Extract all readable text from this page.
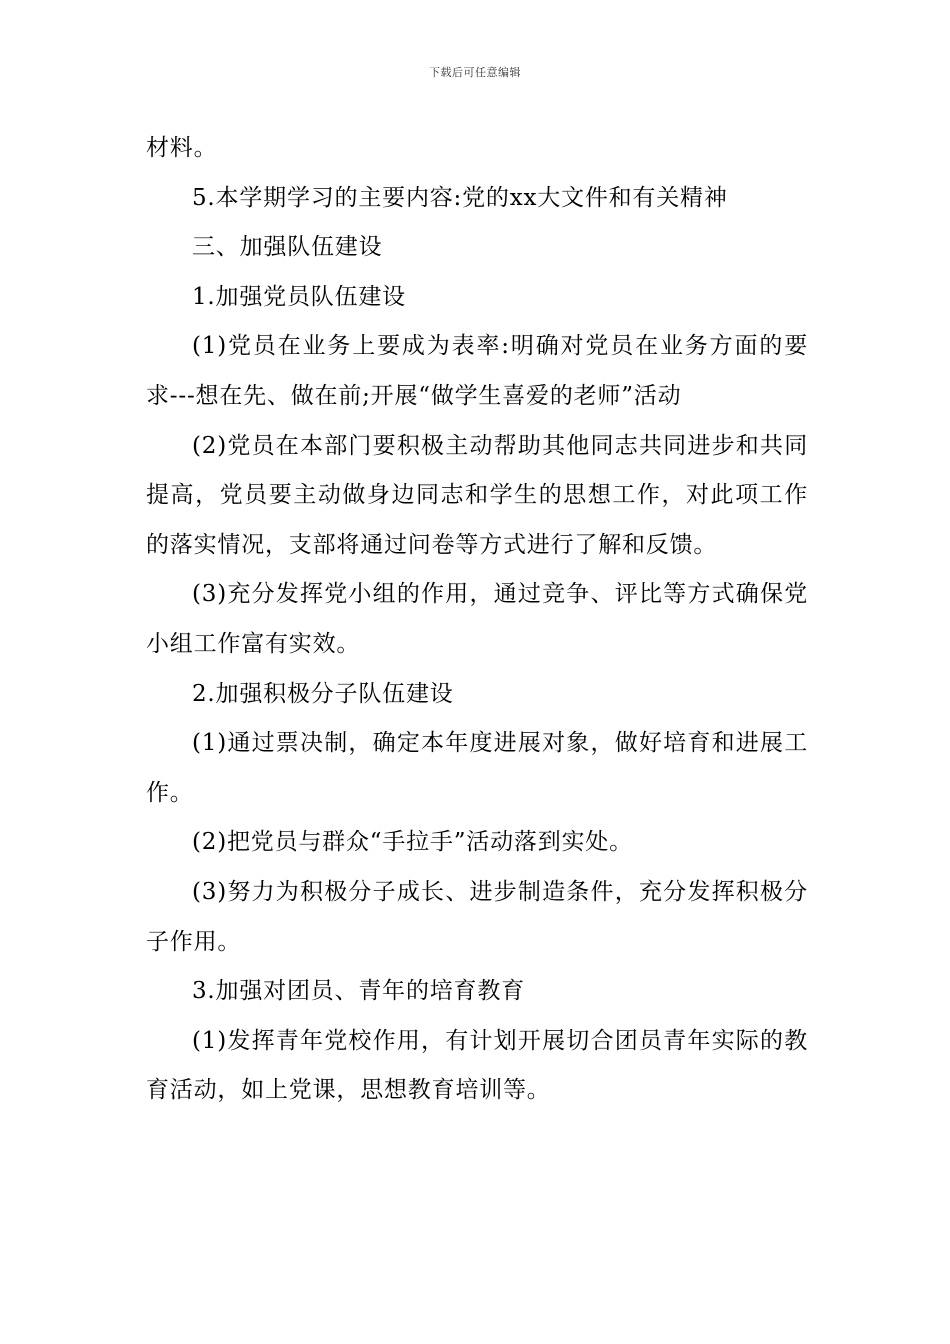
下载后可任意编辑

材料。

5.本学期学习的主要内容:党的xx大文件和有关精神

三、加强队伍建设

1.加强党员队伍建设

(1)党员在业务上要成为表率:明确对党员在业务方面的要求---想在先、做在前;开展“做学生喜爱的老师”活动

(2)党员在本部门要积极主动帮助其他同志共同进步和共同提高，党员要主动做身边同志和学生的思想工作，对此项工作的落实情况，支部将通过问卷等方式进行了解和反馈。

(3)充分发挥党小组的作用，通过竞争、评比等方式确保党小组工作富有实效。

2.加强积极分子队伍建设

(1)通过票决制，确定本年度进展对象，做好培育和进展工作。

(2)把党员与群众“手拉手”活动落到实处。

(3)努力为积极分子成长、进步制造条件，充分发挥积极分子作用。

3.加强对团员、青年的培育教育

(1)发挥青年党校作用，有计划开展切合团员青年实际的教育活动，如上党课，思想教育培训等。
